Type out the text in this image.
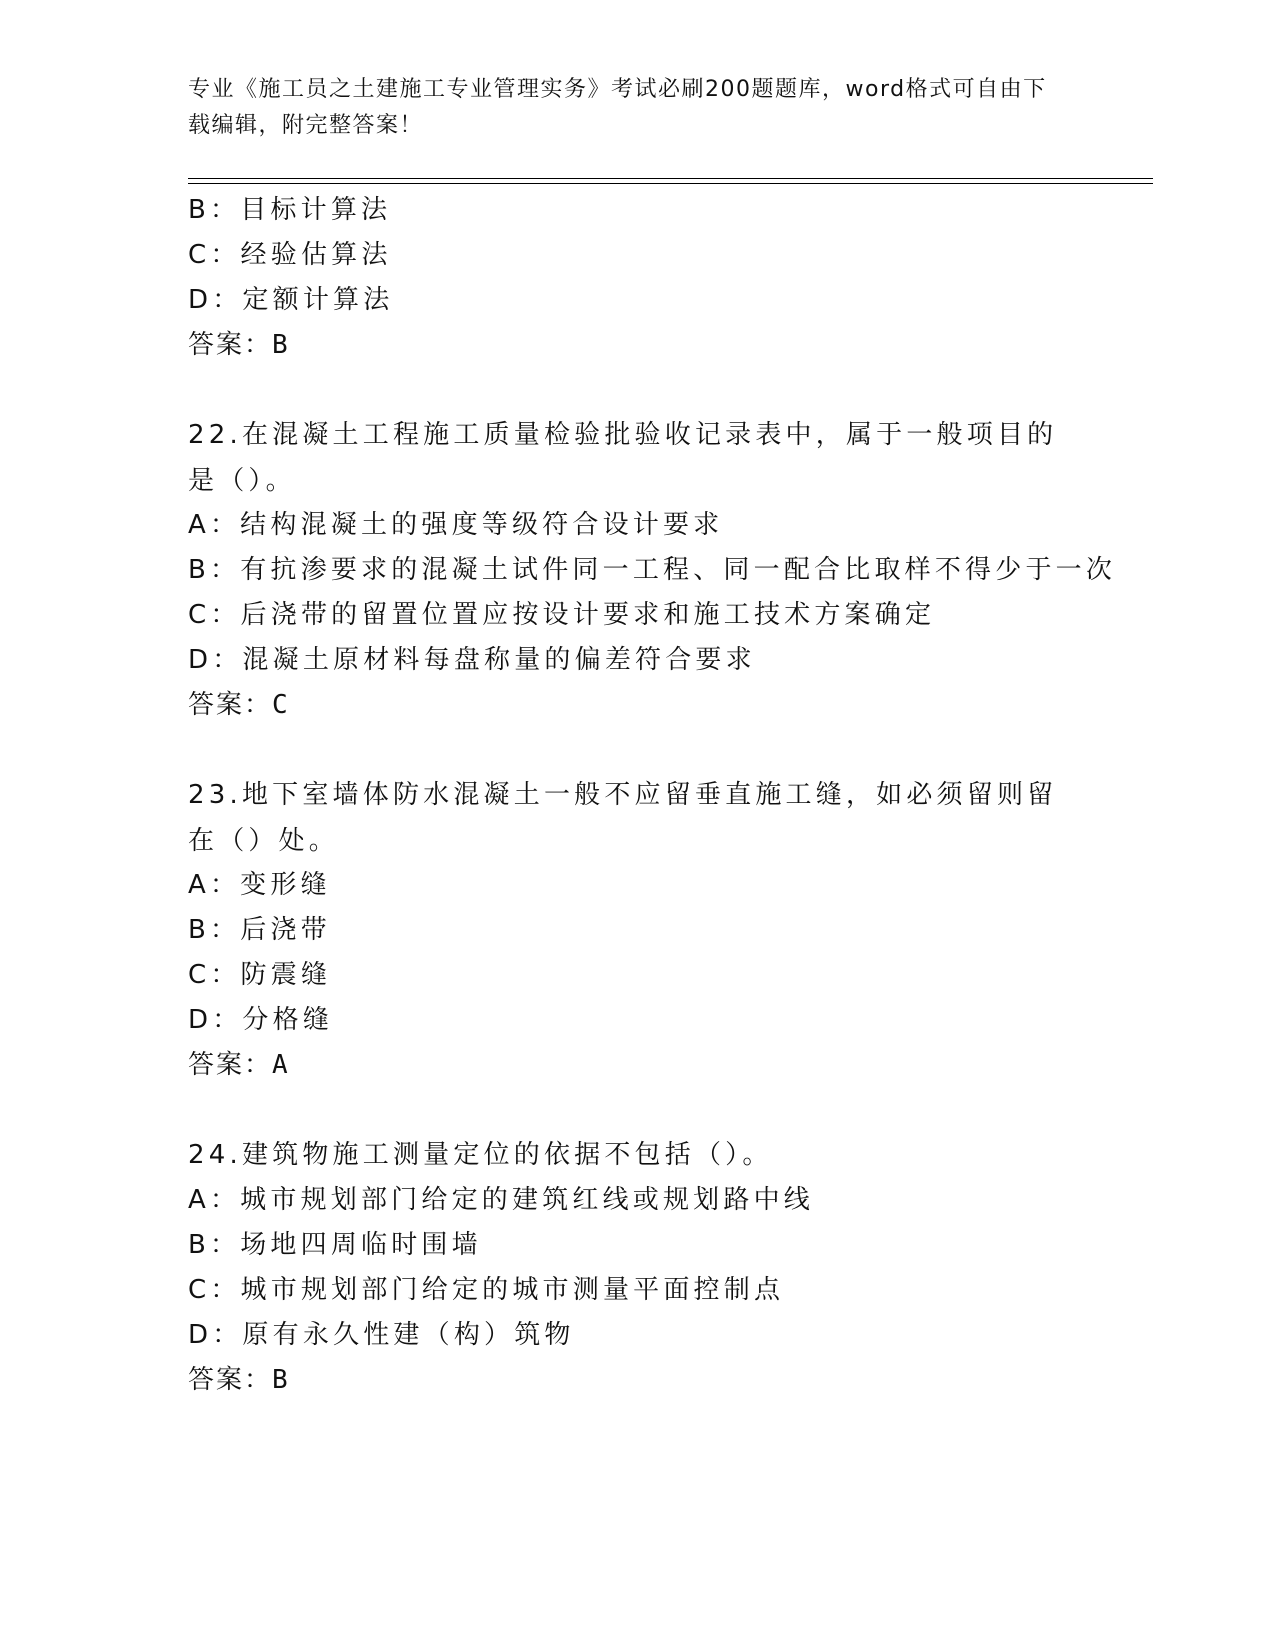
专业《施工员之土建施工专业管理实务》考试必刷200题题库，word格式可自由下载编辑，附完整答案！
B：目标计算法
C：经验估算法
D：定额计算法
答案：B
22.在混凝土工程施工质量检验批验收记录表中，属于一般项目的是（）。
A：结构混凝土的强度等级符合设计要求
B：有抗渗要求的混凝土试件同一工程、同一配合比取样不得少于一次
C：后浇带的留置位置应按设计要求和施工技术方案确定
D：混凝土原材料每盘称量的偏差符合要求
答案：C
23.地下室墙体防水混凝土一般不应留垂直施工缝，如必须留则留在（）处。
A：变形缝
B：后浇带
C：防震缝
D：分格缝
答案：A
24.建筑物施工测量定位的依据不包括（）。
A：城市规划部门给定的建筑红线或规划路中线
B：场地四周临时围墙
C：城市规划部门给定的城市测量平面控制点
D：原有永久性建（构）筑物
答案：B
